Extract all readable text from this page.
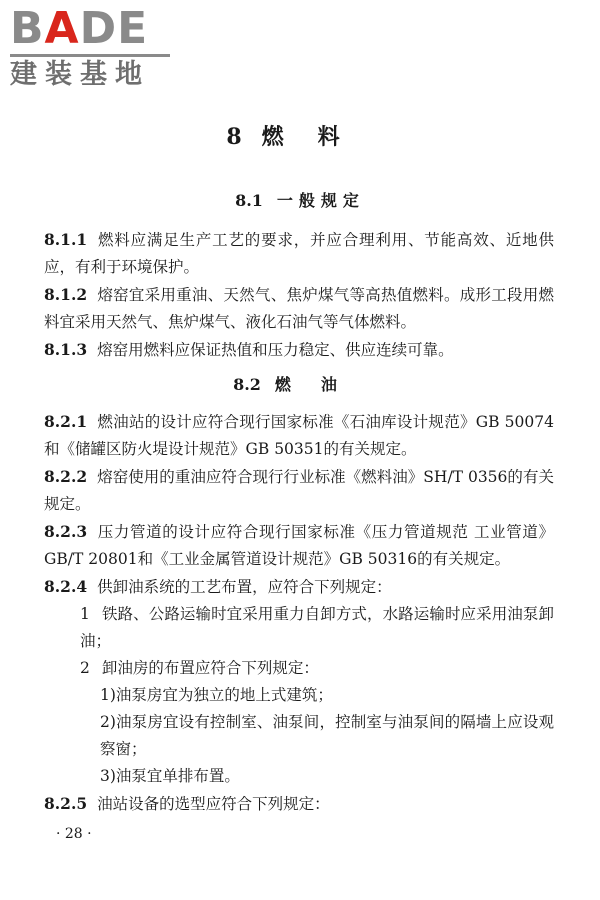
BADE
建装基地
8 燃料
8.1 一般规定

8.1.1 燃料应满足生产工艺的要求，并应合理利用、节能高效、近地供应，有利于环境保护。

8.1.2 熔窑宜采用重油、天然气、焦炉煤气等高热值燃料。成形工段用燃料宜采用天然气、焦炉煤气、液化石油气等气体燃料。

8.1.3 熔窑用燃料应保证热值和压力稳定、供应连续可靠。

8.2 燃油

8.2.1 燃油站的设计应符合现行国家标准《石油库设计规范》GB 50074和《储罐区防火堤设计规范》GB 50351的有关规定。

8.2.2 熔窑使用的重油应符合现行行业标准《燃料油》SH/T 0356的有关规定。

8.2.3 压力管道的设计应符合现行国家标准《压力管道规范 工业管道》GB/T 20801和《工业金属管道设计规范》GB 50316的有关规定。

8.2.4 供卸油系统的工艺布置，应符合下列规定：

1 铁路、公路运输时宜采用重力自卸方式，水路运输时应采用油泵卸油；

2 卸油房的布置应符合下列规定：

1)油泵房宜为独立的地上式建筑；

2)油泵房宜设有控制室、油泵间，控制室与油泵间的隔墙上应设观察窗；

3)油泵宜单排布置。

8.2.5 油站设备的选型应符合下列规定：

· 28 ·
